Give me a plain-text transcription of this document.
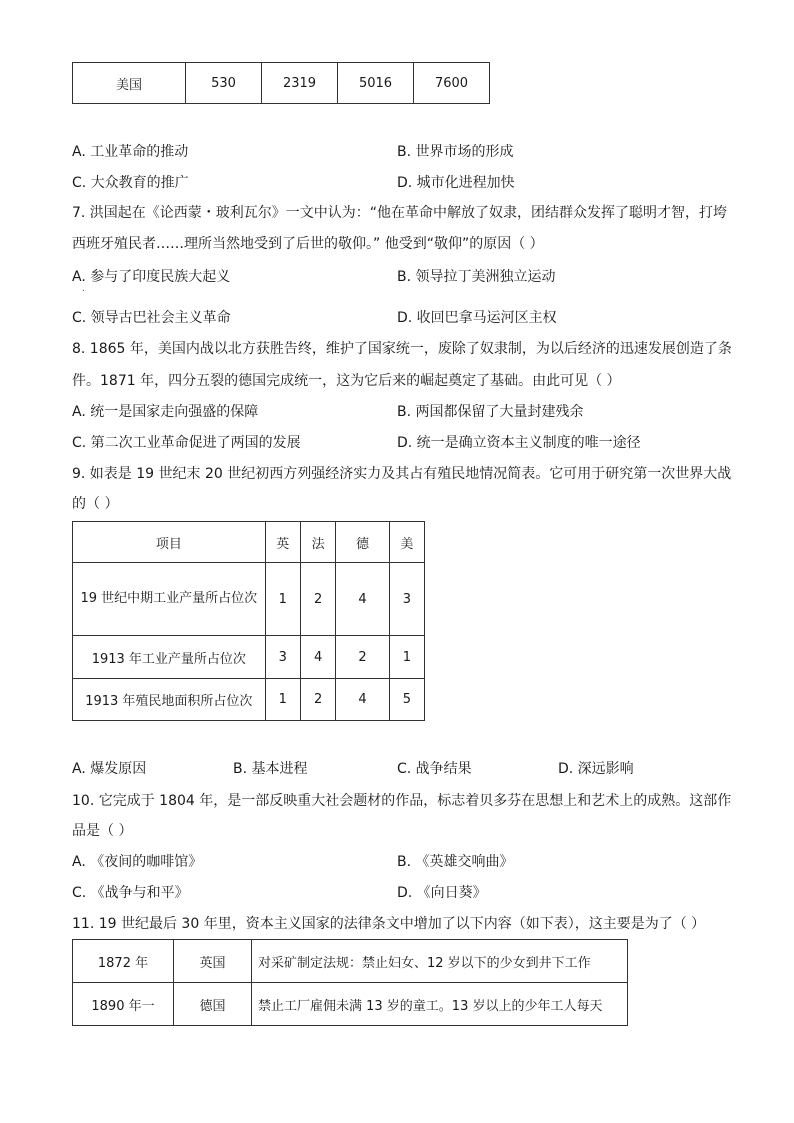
美国	530	2319	5016	7600
A. 工业革命的推动	B. 世界市场的形成
C. 大众教育的推广	D. 城市化进程加快
7. 洪国起在《论西蒙・玻利瓦尔》一文中认为：“他在革命中解放了奴隶，团结群众发挥了聪明才智，打垮
西班牙殖民者……理所当然地受到了后世的敬仰。” 他受到“敬仰”的原因（ ）
A. 参与了印度民族大起义	B. 领导拉丁美洲独立运动
.
C. 领导古巴社会主义革命	D. 收回巴拿马运河区主权
8. 1865 年，美国内战以北方获胜告终，维护了国家统一，废除了奴隶制，为以后经济的迅速发展创造了条
件。1871 年，四分五裂的德国完成统一，这为它后来的崛起奠定了基础。由此可见（ ）
A. 统一是国家走向强盛的保障	B. 两国都保留了大量封建残余
C. 第二次工业革命促进了两国的发展	D. 统一是确立资本主义制度的唯一途径
9. 如表是 19 世纪末 20 世纪初西方列强经济实力及其占有殖民地情况简表。它可用于研究第一次世界大战
的（ ）
项目	英	法	德	美
19 世纪中期工业产量所占位次	1	2	4	3
1913 年工业产量所占位次	3	4	2	1
1913 年殖民地面积所占位次	1	2	4	5
A. 爆发原因	B. 基本进程	C. 战争结果	D. 深远影响
10. 它完成于 1804 年，是一部反映重大社会题材的作品，标志着贝多芬在思想上和艺术上的成熟。这部作
品是（ ）
A. 《夜间的咖啡馆》	B. 《英雄交响曲》
C. 《战争与和平》	D. 《向日葵》
11. 19 世纪最后 30 年里，资本主义国家的法律条文中增加了以下内容（如下表），这主要是为了（ ）
1872 年	英国	对采矿制定法规：禁止妇女、12 岁以下的少女到井下工作
1890 年一	德国	禁止工厂雇佣未满 13 岁的童工。13 岁以上的少年工人每天
